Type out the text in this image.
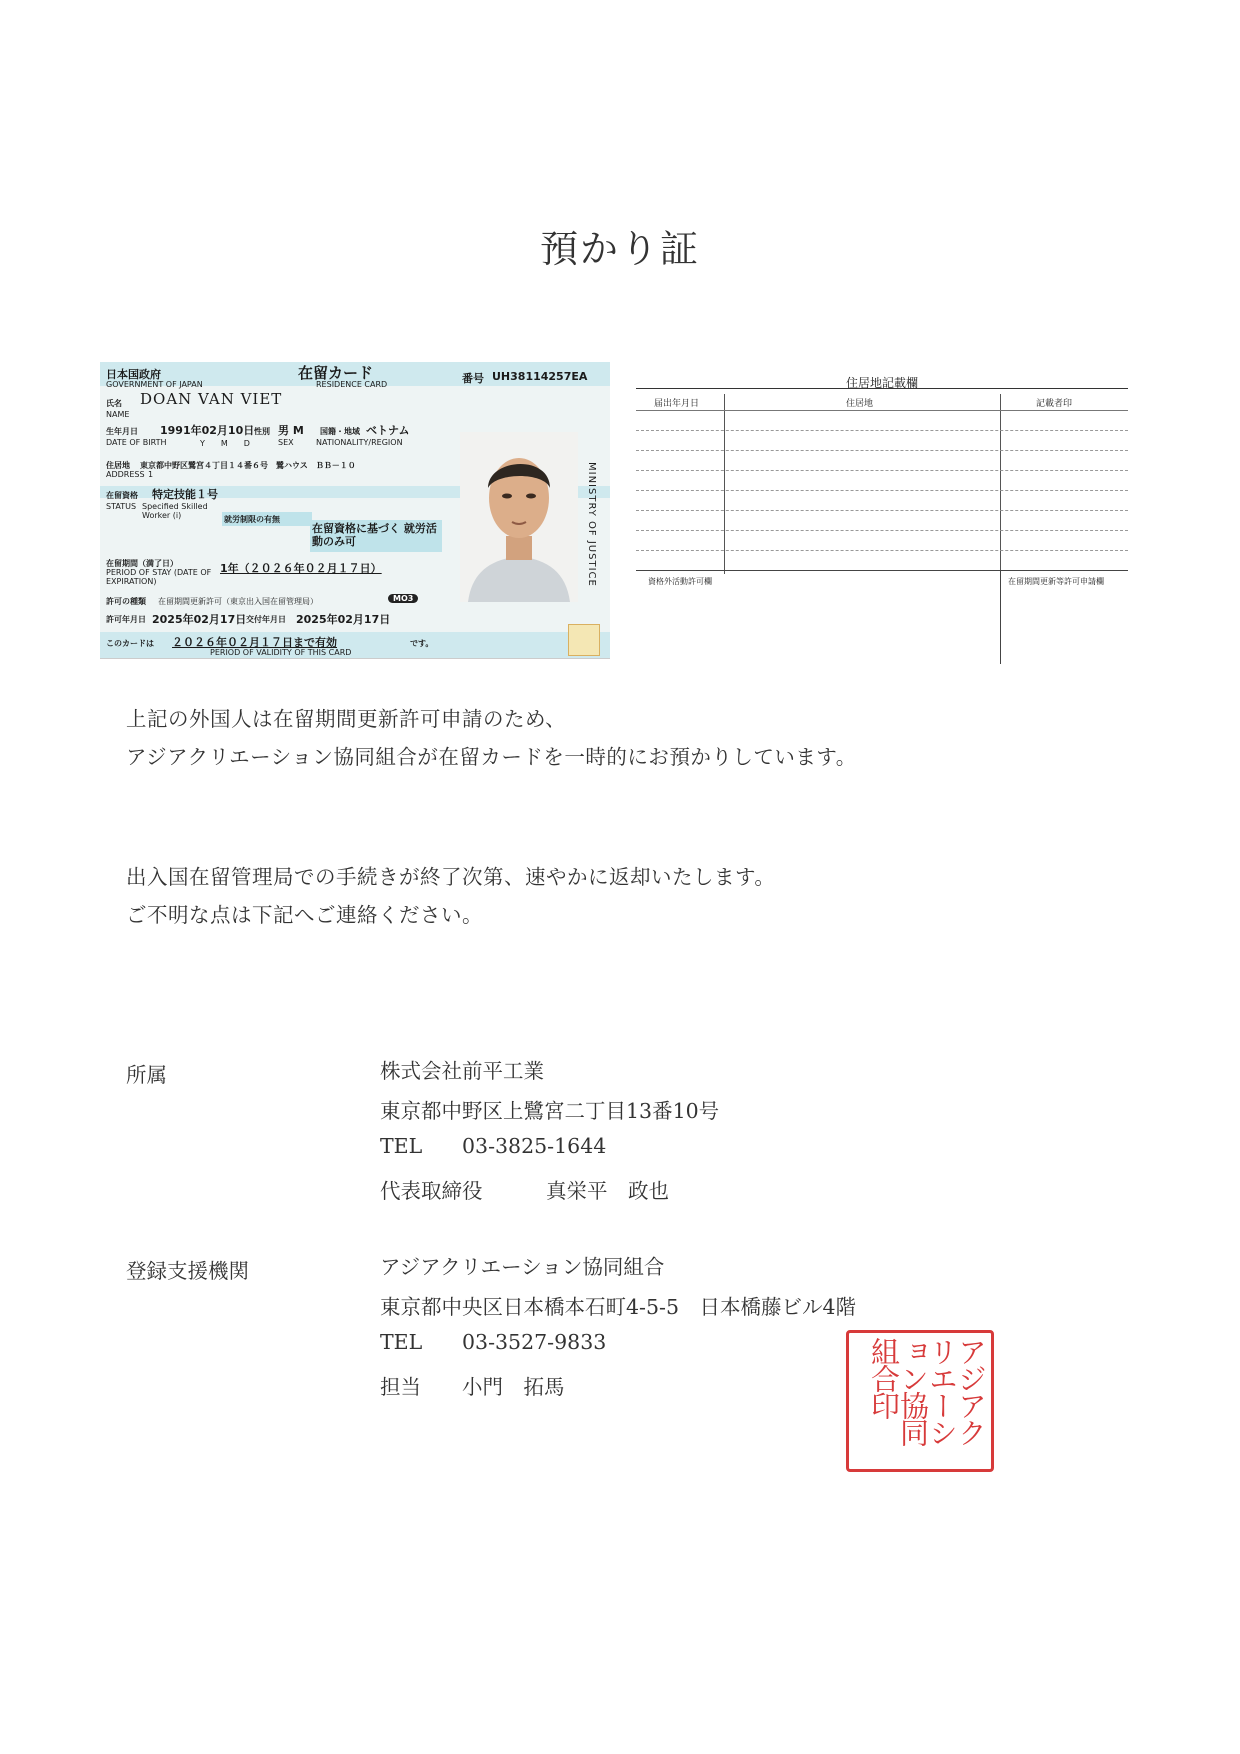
預かり証
日本国政府
GOVERNMENT OF JAPAN
在留カード
RESIDENCE CARD	番号 UH38114257EA
氏名
NAME
DOAN VAN VIET
生年月日
DATE OF BIRTH
1991年02月10日 性別 男 M
SEX
Y　　M　　D
国籍・地域 ベトナム
NATIONALITY/REGION
住居地
ADDRESS
東京都中野区鷺宮４丁目１４番６号　鷺ハウス　ＢＢ－１０
1
在留資格 特定技能１号
STATUS Specified Skilled Worker (i)	就労制限の有無
在留資格に基づく 就労活動のみ可
在留期間（満了日）
PERIOD OF STAY (DATE OF EXPIRATION)
1年（２０２６年０２月１７日）
許可の種類 在留期間更新許可（東京出入国在留管理局）	MO3
許可年月日 2025年02月17日 交付年月日 2025年02月17日
このカードは ２０２６年０２月１７日まで有効	です。
PERIOD OF VALIDITY OF THIS CARD
MINISTRY OF JUSTICE
住居地記載欄
届出年月日	住居地	記載者印
資格外活動許可欄	在留期間更新等許可申請欄
上記の外国人は在留期間更新許可申請のため、
アジアクリエーション協同組合が在留カードを一時的にお預かりしています。
出入国在留管理局での手続きが終了次第、速やかに返却いたします。
ご不明な点は下記へご連絡ください。
所属	株式会社前平工業
東京都中野区上鷺宮二丁目13番10号
TEL 03-3825-1644
代表取締役	真栄平　政也
登録支援機関	アジアクリエーション協同組合
東京都中央区日本橋本石町4-5-5　日本橋藤ビル4階
TEL 03-3527-9833
担当 小門　拓馬	アジアクリエーション協同組合印
